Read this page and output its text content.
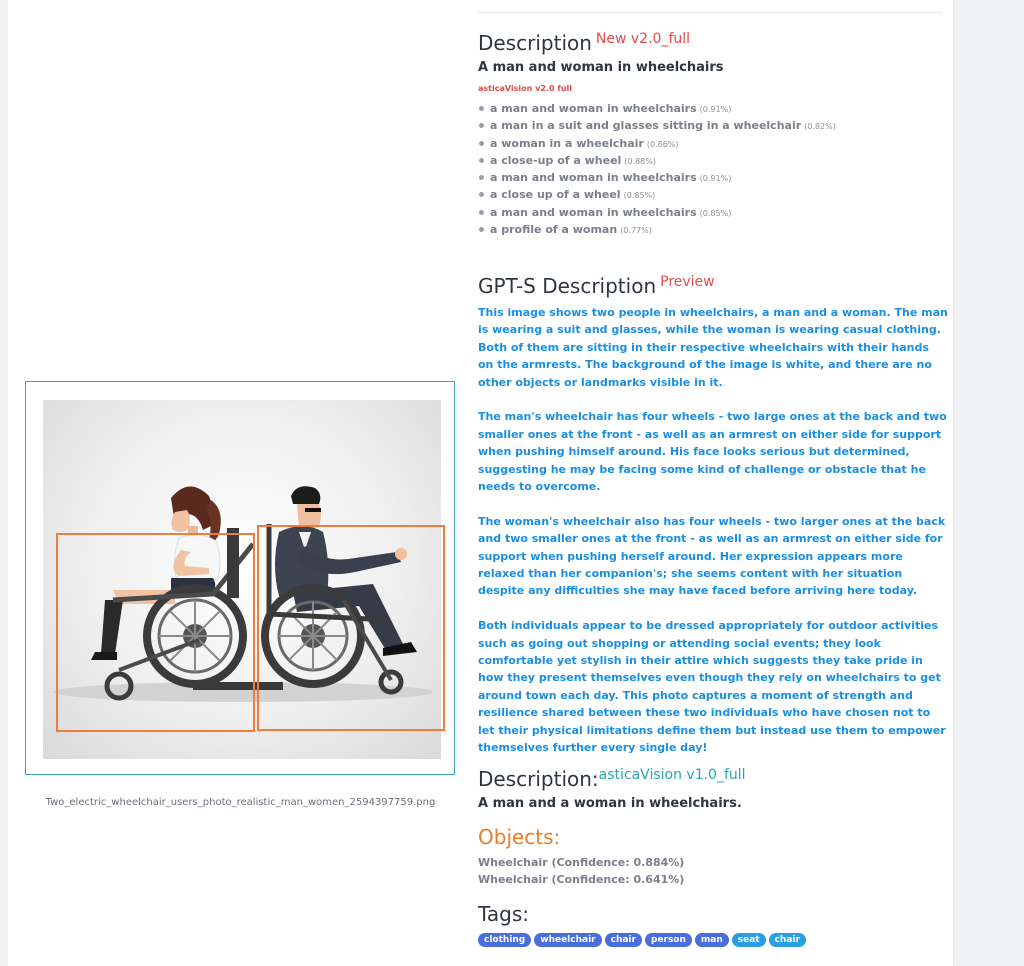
Two_electric_wheelchair_users_photo_realistic_man_women_2594397759.png
Description $^{New v2.0\_full}$
A man and woman in wheelchairs
asticaVision v2.0 full
a man and woman in wheelchairs (0.91%)
a man in a suit and glasses sitting in a wheelchair (0.82%)
a woman in a wheelchair (0.86%)
a close-up of a wheel (0.88%)
a man and woman in wheelchairs (0.91%)
a close up of a wheel (0.85%)
a man and woman in wheelchairs (0.85%)
a profile of a woman (0.77%)
GPT-S Description $^{Preview}$

This image shows two people in wheelchairs, a man and a woman. The man is wearing a suit and glasses, while the woman is wearing casual clothing. Both of them are sitting in their respective wheelchairs with their hands on the armrests. The background of the image is white, and there are no other objects or landmarks visible in it.

The man's wheelchair has four wheels - two large ones at the back and two smaller ones at the front - as well as an armrest on either side for support when pushing himself around. His face looks serious but determined, suggesting he may be facing some kind of challenge or obstacle that he needs to overcome.

The woman's wheelchair also has four wheels - two larger ones at the back and two smaller ones at the front - as well as an armrest on either side for support when pushing herself around. Her expression appears more relaxed than her companion's; she seems content with her situation despite any difficulties she may have faced before arriving here today.

Both individuals appear to be dressed appropriately for outdoor activities such as going out shopping or attending social events; they look comfortable yet stylish in their attire which suggests they take pride in how they present themselves even though they rely on wheelchairs to get around town each day. This photo captures a moment of strength and resilience shared between these two individuals who have chosen not to let their physical limitations define them but instead use them to empower themselves further every single day!

Description:$^{asticaVision v1.0\_full}$
A man and a woman in wheelchairs.
Objects:
Wheelchair (Confidence: 0.884%)
Wheelchair (Confidence: 0.641%)
Tags:
clothing wheelchair chair person man seat chair
